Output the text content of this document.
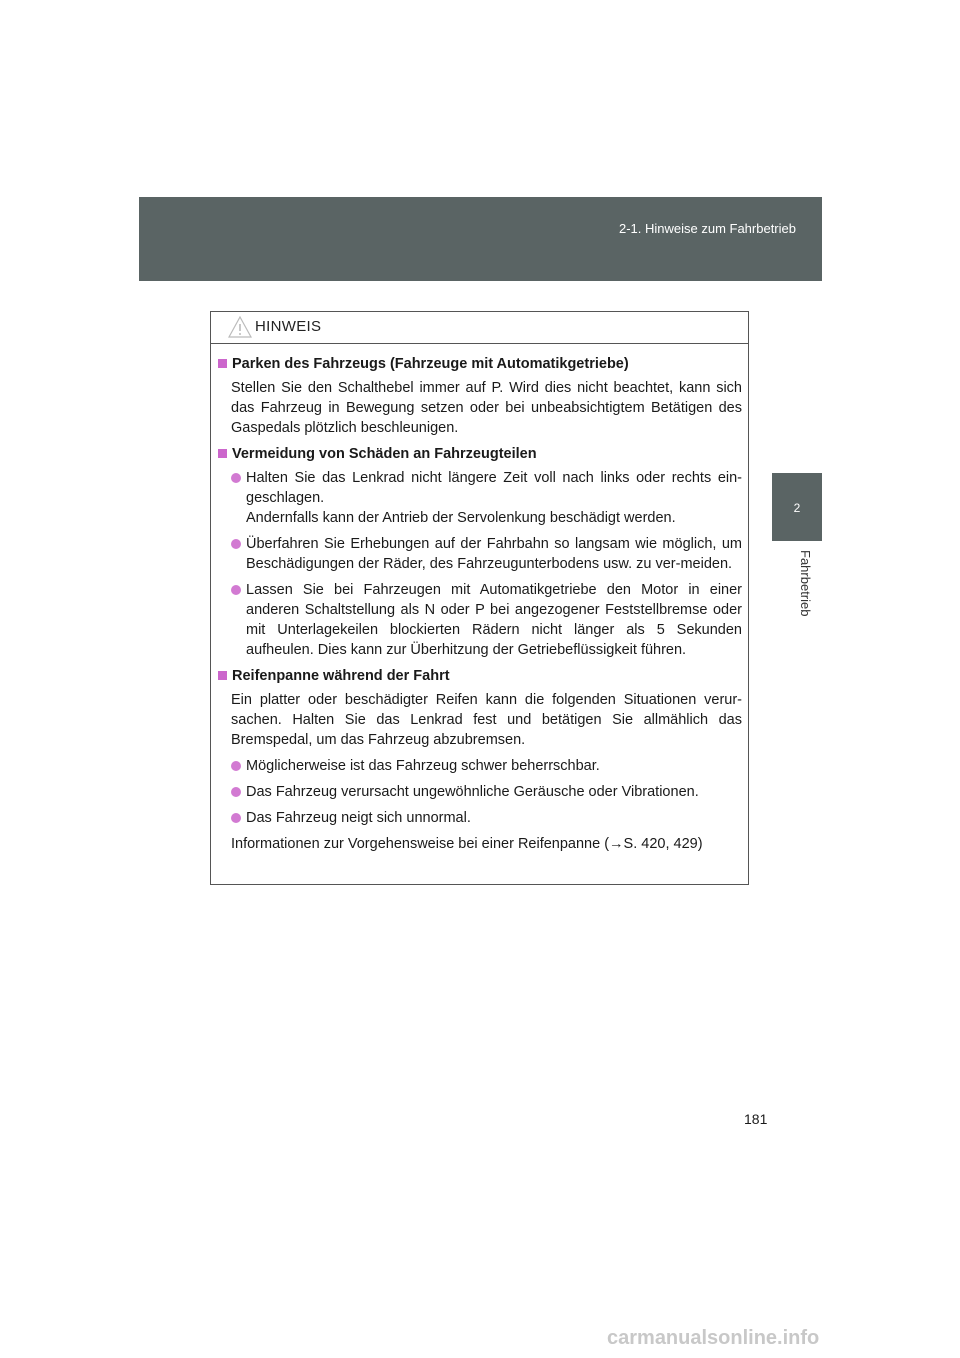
2-1. Hinweise zum Fahrbetrieb
2
Fahrbetrieb
HINWEIS
Parken des Fahrzeugs (Fahrzeuge mit Automatikgetriebe)
Stellen Sie den Schalthebel immer auf P. Wird dies nicht beachtet, kann sich das Fahrzeug in Bewegung setzen oder bei unbeabsichtigtem Betätigen des Gaspedals plötzlich beschleunigen.
Vermeidung von Schäden an Fahrzeugteilen
Halten Sie das Lenkrad nicht längere Zeit voll nach links oder rechts ein-geschlagen.
Andernfalls kann der Antrieb der Servolenkung beschädigt werden.
Überfahren Sie Erhebungen auf der Fahrbahn so langsam wie möglich, um Beschädigungen der Räder, des Fahrzeugunterbodens usw. zu ver-meiden.
Lassen Sie bei Fahrzeugen mit Automatikgetriebe den Motor in einer anderen Schaltstellung als N oder P bei angezogener Feststellbremse oder mit Unterlagekeilen blockierten Rädern nicht länger als 5 Sekunden aufheulen. Dies kann zur Überhitzung der Getriebeflüssigkeit führen.
Reifenpanne während der Fahrt
Ein platter oder beschädigter Reifen kann die folgenden Situationen verur-sachen. Halten Sie das Lenkrad fest und betätigen Sie allmählich das Bremspedal, um das Fahrzeug abzubremsen.
Möglicherweise ist das Fahrzeug schwer beherrschbar.
Das Fahrzeug verursacht ungewöhnliche Geräusche oder Vibrationen.
Das Fahrzeug neigt sich unnormal.
Informationen zur Vorgehensweise bei einer Reifenpanne (→S. 420, 429)
181
carmanualsonline.info
